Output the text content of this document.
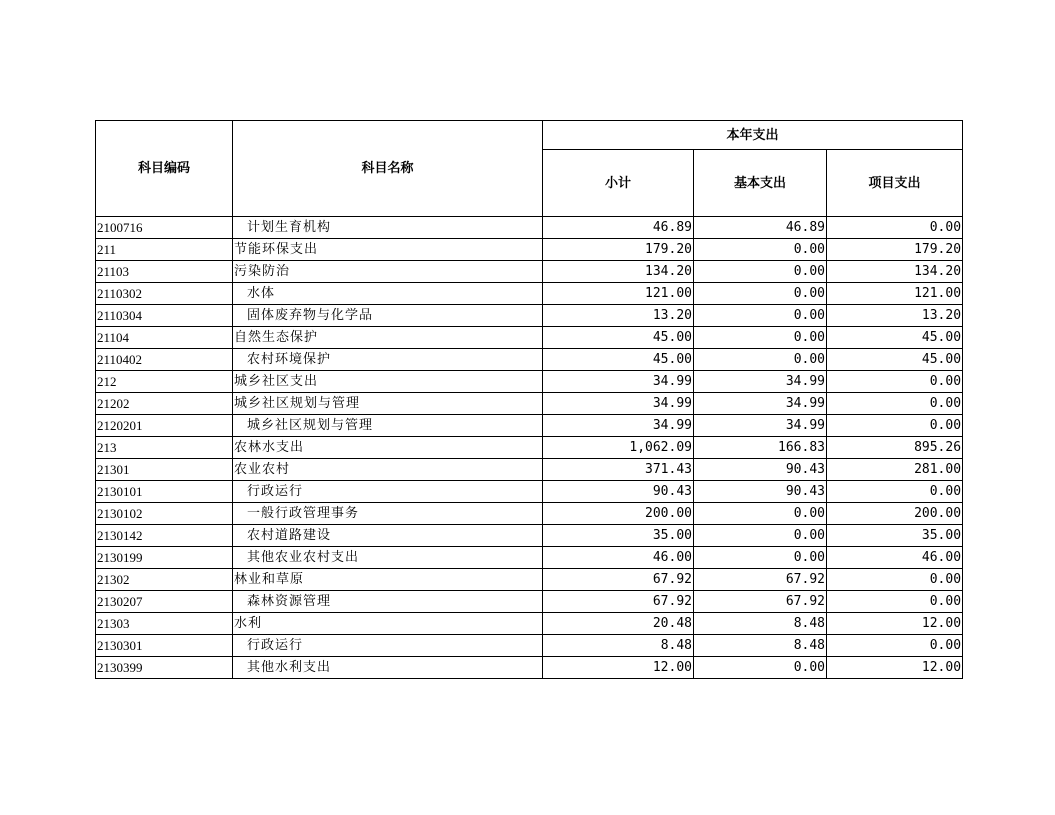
科目编码	科目名称	本年支出		
		小计	基本支出	项目支出
2100716	计划生育机构	46.89	46.89	0.00
211	节能环保支出	179.20	0.00	179.20
21103	污染防治	134.20	0.00	134.20
2110302	水体	121.00	0.00	121.00
2110304	固体废弃物与化学品	13.20	0.00	13.20
21104	自然生态保护	45.00	0.00	45.00
2110402	农村环境保护	45.00	0.00	45.00
212	城乡社区支出	34.99	34.99	0.00
21202	城乡社区规划与管理	34.99	34.99	0.00
2120201	城乡社区规划与管理	34.99	34.99	0.00
213	农林水支出	1,062.09	166.83	895.26
21301	农业农村	371.43	90.43	281.00
2130101	行政运行	90.43	90.43	0.00
2130102	一般行政管理事务	200.00	0.00	200.00
2130142	农村道路建设	35.00	0.00	35.00
2130199	其他农业农村支出	46.00	0.00	46.00
21302	林业和草原	67.92	67.92	0.00
2130207	森林资源管理	67.92	67.92	0.00
21303	水利	20.48	8.48	12.00
2130301	行政运行	8.48	8.48	0.00
2130399	其他水利支出	12.00	0.00	12.00
